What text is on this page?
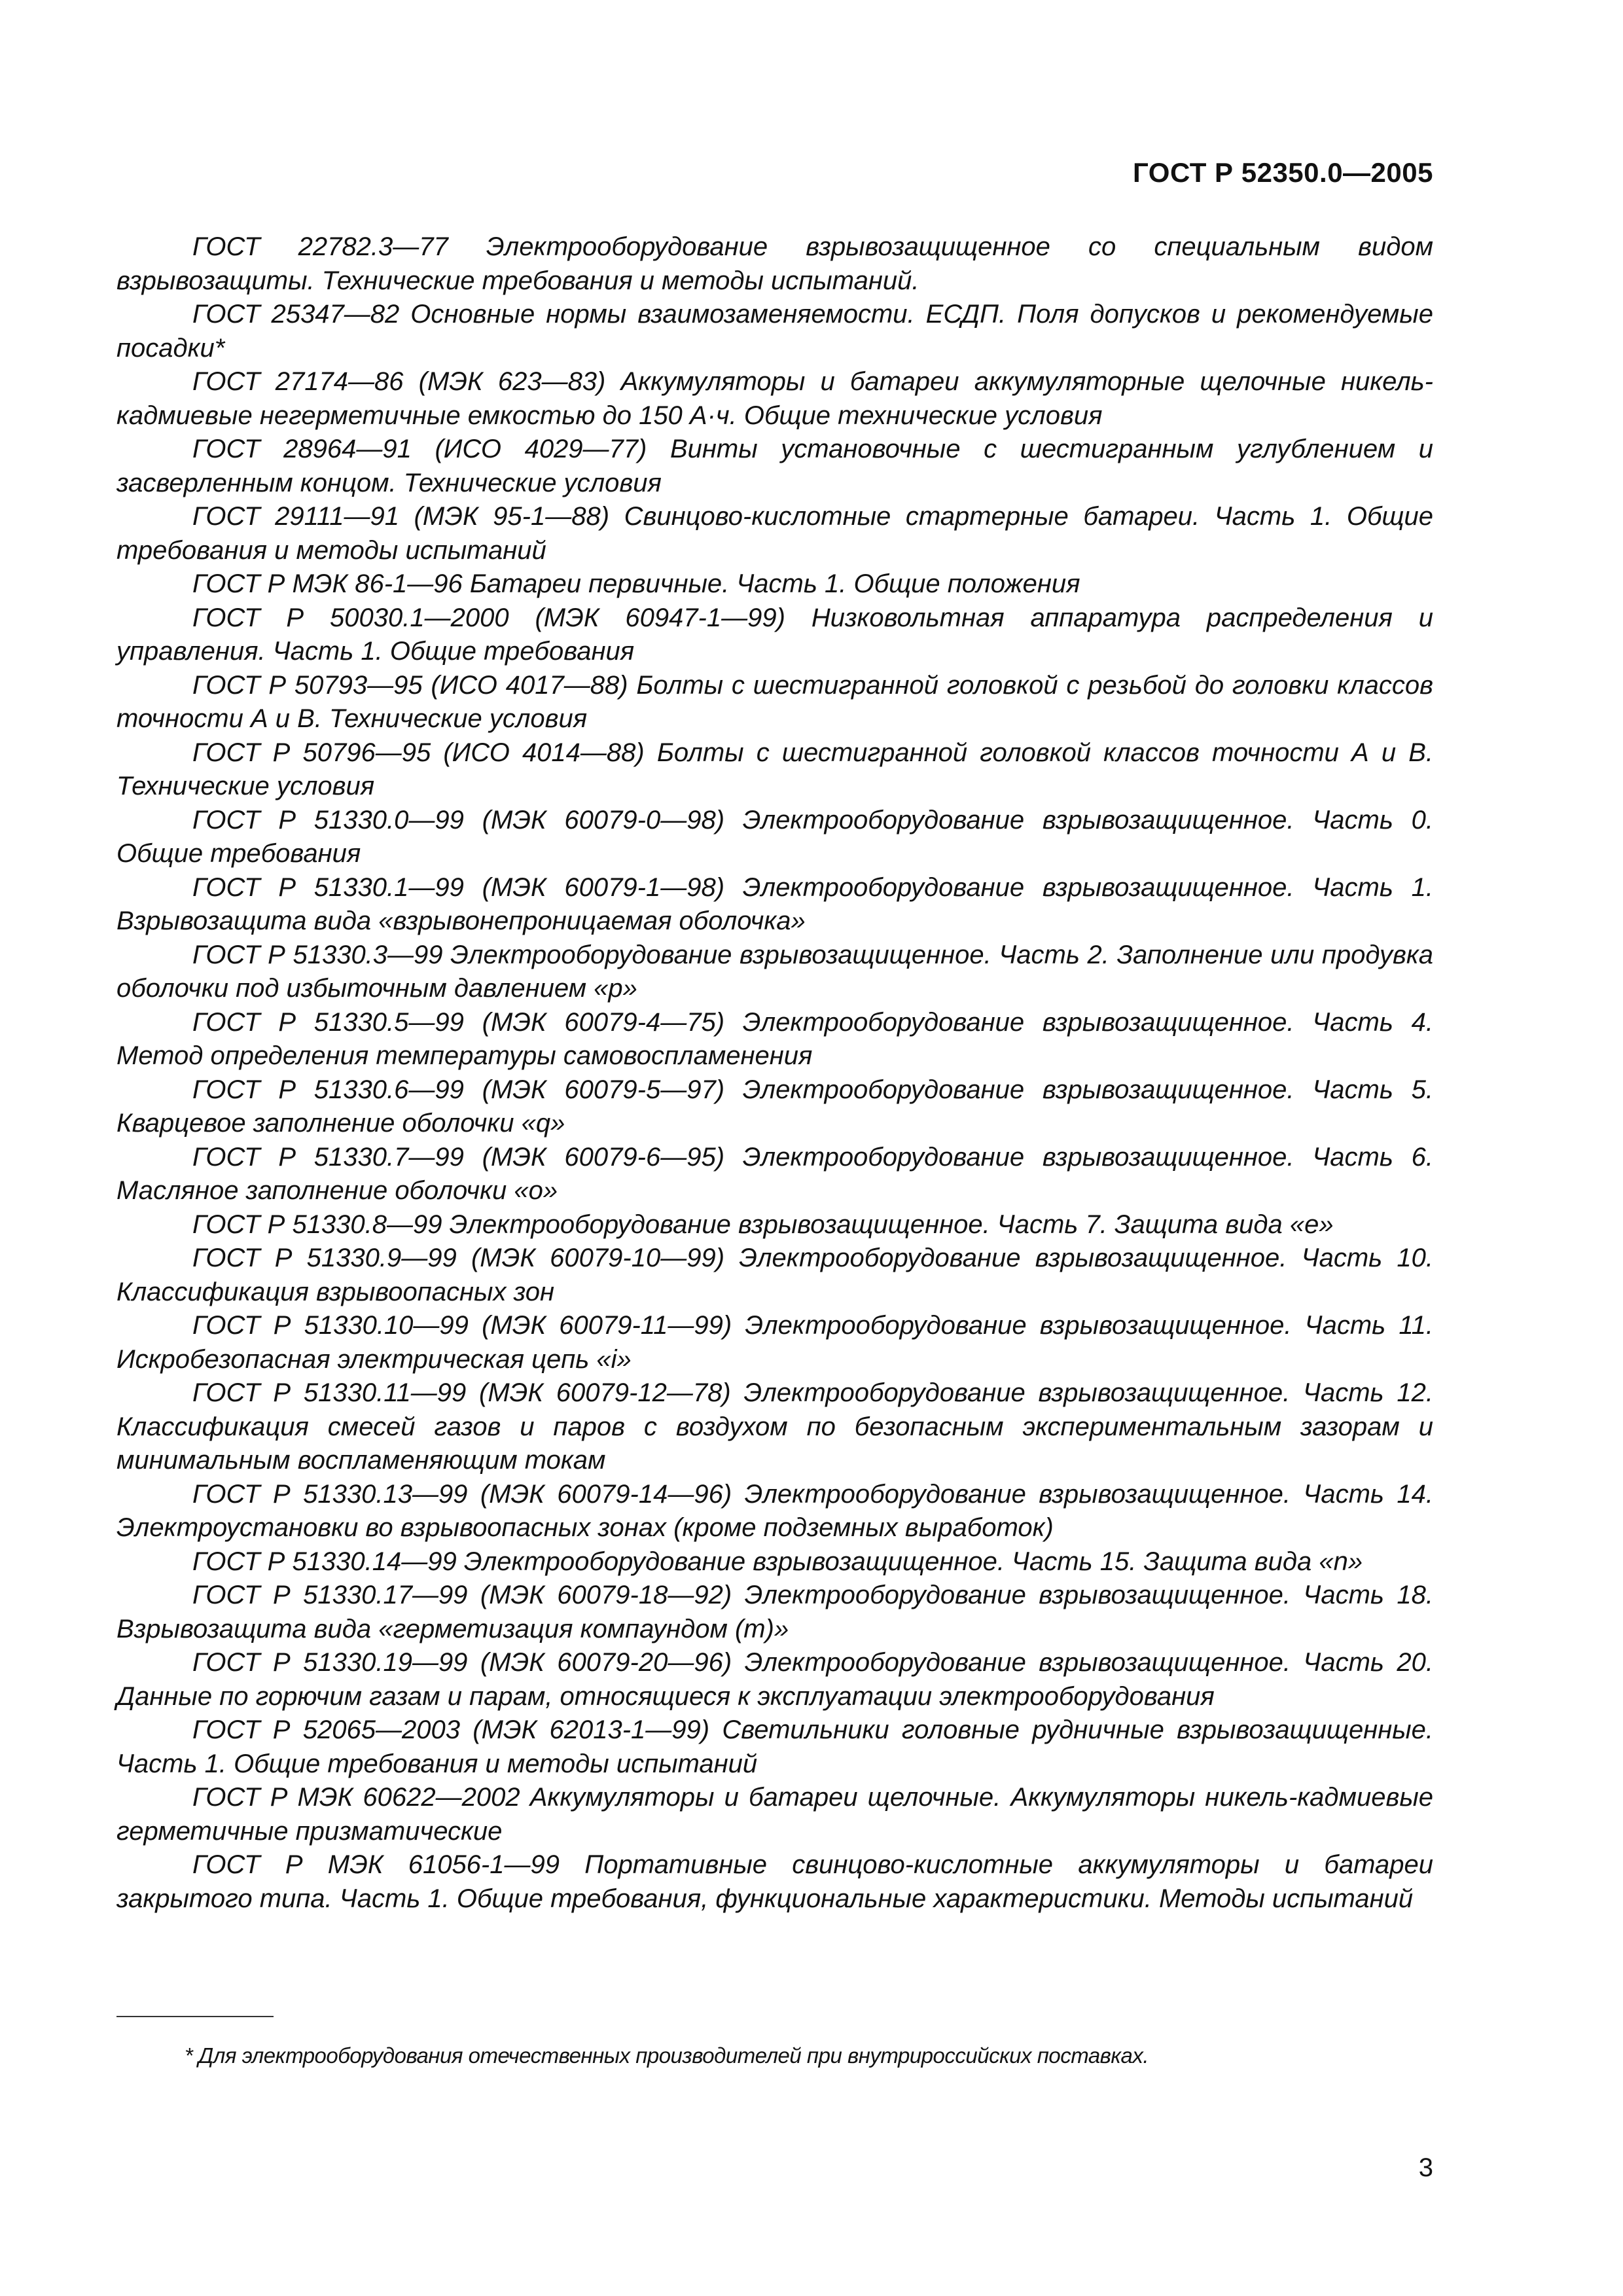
ГОСТ Р 52350.0—2005

ГОСТ 22782.3—77 Электрооборудование взрывозащищенное со специальным видом взрывозащиты. Технические требования и методы испытаний.

ГОСТ 25347—82 Основные нормы взаимозаменяемости. ЕСДП. Поля допусков и рекомендуемые посадки*

ГОСТ 27174—86 (МЭК 623—83) Аккумуляторы и батареи аккумуляторные щелочные никель-кадмиевые негерметичные емкостью до 150 А·ч. Общие технические условия

ГОСТ 28964—91 (ИСО 4029—77) Винты установочные с шестигранным углублением и засверленным концом. Технические условия

ГОСТ 29111—91 (МЭК 95-1—88) Свинцово-кислотные стартерные батареи. Часть 1. Общие требования и методы испытаний

ГОСТ Р МЭК 86-1—96 Батареи первичные. Часть 1. Общие положения

ГОСТ Р 50030.1—2000 (МЭК 60947-1—99) Низковольтная аппаратура распределения и управления. Часть 1. Общие требования

ГОСТ Р 50793—95 (ИСО 4017—88) Болты с шестигранной головкой с резьбой до головки классов точности А и В. Технические условия

ГОСТ Р 50796—95 (ИСО 4014—88) Болты с шестигранной головкой классов точности А и В. Технические условия

ГОСТ Р 51330.0—99 (МЭК 60079-0—98) Электрооборудование взрывозащищенное. Часть 0. Общие требования

ГОСТ Р 51330.1—99 (МЭК 60079-1—98) Электрооборудование взрывозащищенное. Часть 1. Взрывозащита вида «взрывонепроницаемая оболочка»

ГОСТ Р 51330.3—99 Электрооборудование взрывозащищенное. Часть 2. Заполнение или продувка оболочки под избыточным давлением «р»

ГОСТ Р 51330.5—99 (МЭК 60079-4—75) Электрооборудование взрывозащищенное. Часть 4. Метод определения температуры самовоспламенения

ГОСТ Р 51330.6—99 (МЭК 60079-5—97) Электрооборудование взрывозащищенное. Часть 5. Кварцевое заполнение оболочки «q»

ГОСТ Р 51330.7—99 (МЭК 60079-6—95) Электрооборудование взрывозащищенное. Часть 6. Масляное заполнение оболочки «о»

ГОСТ Р 51330.8—99 Электрооборудование взрывозащищенное. Часть 7. Защита вида «е»

ГОСТ Р 51330.9—99 (МЭК 60079-10—99) Электрооборудование взрывозащищенное. Часть 10. Классификация взрывоопасных зон

ГОСТ Р 51330.10—99 (МЭК 60079-11—99) Электрооборудование взрывозащищенное. Часть 11. Искробезопасная электрическая цепь «i»

ГОСТ Р 51330.11—99 (МЭК 60079-12—78) Электрооборудование взрывозащищенное. Часть 12. Классификация смесей газов и паров с воздухом по безопасным экспериментальным зазорам и минимальным воспламеняющим токам

ГОСТ Р 51330.13—99 (МЭК 60079-14—96) Электрооборудование взрывозащищенное. Часть 14. Электроустановки во взрывоопасных зонах (кроме подземных выработок)

ГОСТ Р 51330.14—99 Электрооборудование взрывозащищенное. Часть 15. Защита вида «n»

ГОСТ Р 51330.17—99 (МЭК 60079-18—92) Электрооборудование взрывозащищенное. Часть 18. Взрывозащита вида «герметизация компаундом (m)»

ГОСТ Р 51330.19—99 (МЭК 60079-20—96) Электрооборудование взрывозащищенное. Часть 20. Данные по горючим газам и парам, относящиеся к эксплуатации электрооборудования

ГОСТ Р 52065—2003 (МЭК 62013-1—99) Светильники головные рудничные взрывозащищенные. Часть 1. Общие требования и методы испытаний

ГОСТ Р МЭК 60622—2002 Аккумуляторы и батареи щелочные. Аккумуляторы никель-кадмиевые герметичные призматические

ГОСТ Р МЭК 61056-1—99 Портативные свинцово-кислотные аккумуляторы и батареи закрытого типа. Часть 1. Общие требования, функциональные характеристики. Методы испытаний

* Для электрооборудования отечественных производителей при внутрироссийских поставках.
3
